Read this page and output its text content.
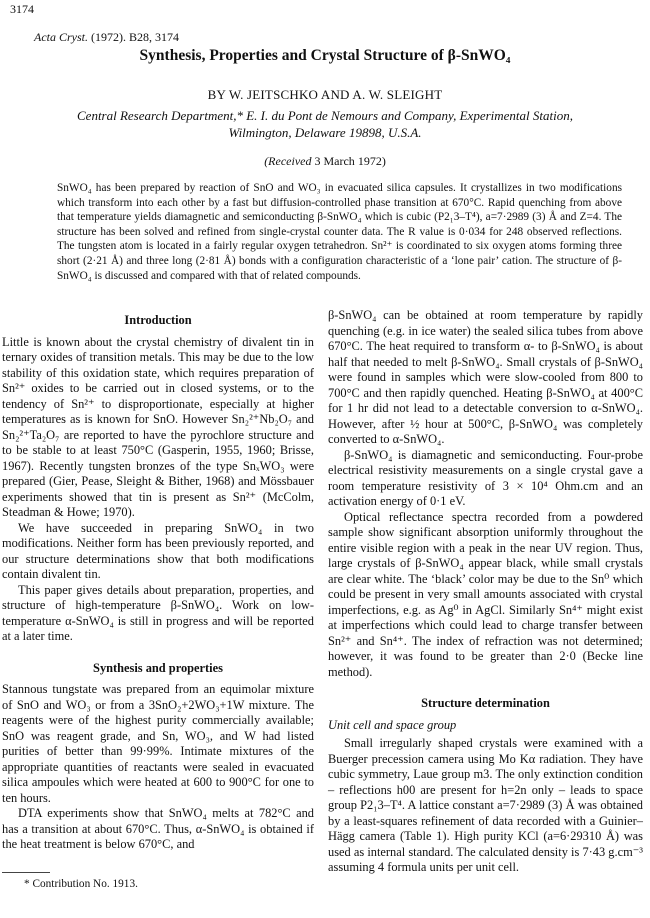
3174
Acta Cryst. (1972). B28, 3174
Synthesis, Properties and Crystal Structure of β-SnWO₄
BY W. JEITSCHKO AND A. W. SLEIGHT
Central Research Department,* E. I. du Pont de Nemours and Company, Experimental Station,
Wilmington, Delaware 19898, U.S.A.
(Received 3 March 1972)
SnWO₄ has been prepared by reaction of SnO and WO₃ in evacuated silica capsules. It crystallizes in two modifications which transform into each other by a fast but diffusion-controlled phase transition at 670°C. Rapid quenching from above that temperature yields diamagnetic and semiconducting β-SnWO₄ which is cubic (P2₁3–T⁴), a=7·2989 (3) Å and Z=4. The structure has been solved and refined from single-crystal counter data. The R value is 0·034 for 248 observed reflections. The tungsten atom is located in a fairly regular oxygen tetrahedron. Sn²⁺ is coordinated to six oxygen atoms forming three short (2·21 Å) and three long (2·81 Å) bonds with a configuration characteristic of a ‘lone pair’ cation. The structure of β-SnWO₄ is discussed and compared with that of related compounds.
Introduction

Little is known about the crystal chemistry of divalent tin in ternary oxides of transition metals. This may be due to the low stability of this oxidation state, which requires preparation of Sn²⁺ oxides to be carried out in closed systems, or to the tendency of Sn²⁺ to disproportionate, especially at higher temperatures as is known for SnO. However Sn₂²⁺Nb₂O₇ and Sn₂²⁺Ta₂O₇ are reported to have the pyrochlore structure and to be stable to at least 750°C (Gasperin, 1955, 1960; Brisse, 1967). Recently tungsten bronzes of the type SnₓWO₃ were prepared (Gier, Pease, Sleight & Bither, 1968) and Mössbauer experiments showed that tin is present as Sn²⁺ (McColm, Steadman & Howe; 1970).

We have succeeded in preparing SnWO₄ in two modifications. Neither form has been previously reported, and our structure determinations show that both modifications contain divalent tin.

This paper gives details about preparation, properties, and structure of high-temperature β-SnWO₄. Work on low-temperature α-SnWO₄ is still in progress and will be reported at a later time.

Synthesis and properties

Stannous tungstate was prepared from an equimolar mixture of SnO and WO₃ or from a 3SnO₂+2WO₃+1W mixture. The reagents were of the highest purity commercially available; SnO was reagent grade, and Sn, WO₃, and W had listed purities of better than 99·99%. Intimate mixtures of the appropriate quantities of reactants were sealed in evacuated silica ampoules which were heated at 600 to 900°C for one to ten hours.

DTA experiments show that SnWO₄ melts at 782°C and has a transition at about 670°C. Thus, α-SnWO₄ is obtained if the heat treatment is below 670°C, and

β-SnWO₄ can be obtained at room temperature by rapidly quenching (e.g. in ice water) the sealed silica tubes from above 670°C. The heat required to transform α- to β-SnWO₄ is about half that needed to melt β-SnWO₄. Small crystals of β-SnWO₄ were found in samples which were slow-cooled from 800 to 700°C and then rapidly quenched. Heating β-SnWO₄ at 400°C for 1 hr did not lead to a detectable conversion to α-SnWO₄. However, after ½ hour at 500°C, β-SnWO₄ was completely converted to α-SnWO₄.

β-SnWO₄ is diamagnetic and semiconducting. Four-probe electrical resistivity measurements on a single crystal gave a room temperature resistivity of 3 × 10⁴ Ohm.cm and an activation energy of 0·1 eV.

Optical reflectance spectra recorded from a powdered sample show significant absorption uniformly throughout the entire visible region with a peak in the near UV region. Thus, large crystals of β-SnWO₄ appear black, while small crystals are clear white. The ‘black’ color may be due to the Sn⁰ which could be present in very small amounts associated with crystal imperfections, e.g. as Ag⁰ in AgCl. Similarly Sn⁴⁺ might exist at imperfections which could lead to charge transfer between Sn²⁺ and Sn⁴⁺. The index of refraction was not determined; however, it was found to be greater than 2·0 (Becke line method).

Structure determination
Unit cell and space group

Small irregularly shaped crystals were examined with a Buerger precession camera using Mo Kα radiation. They have cubic symmetry, Laue group m3. The only extinction condition – reflections h00 are present for h=2n only – leads to space group P2₁3–T⁴. A lattice constant a=7·2989 (3) Å was obtained by a least-squares refinement of data recorded with a Guinier–Hägg camera (Table 1). High purity KCl (a=6·29310 Å) was used as internal standard. The calculated density is 7·43 g.cm⁻³ assuming 4 formula units per unit cell.

* Contribution No. 1913.
